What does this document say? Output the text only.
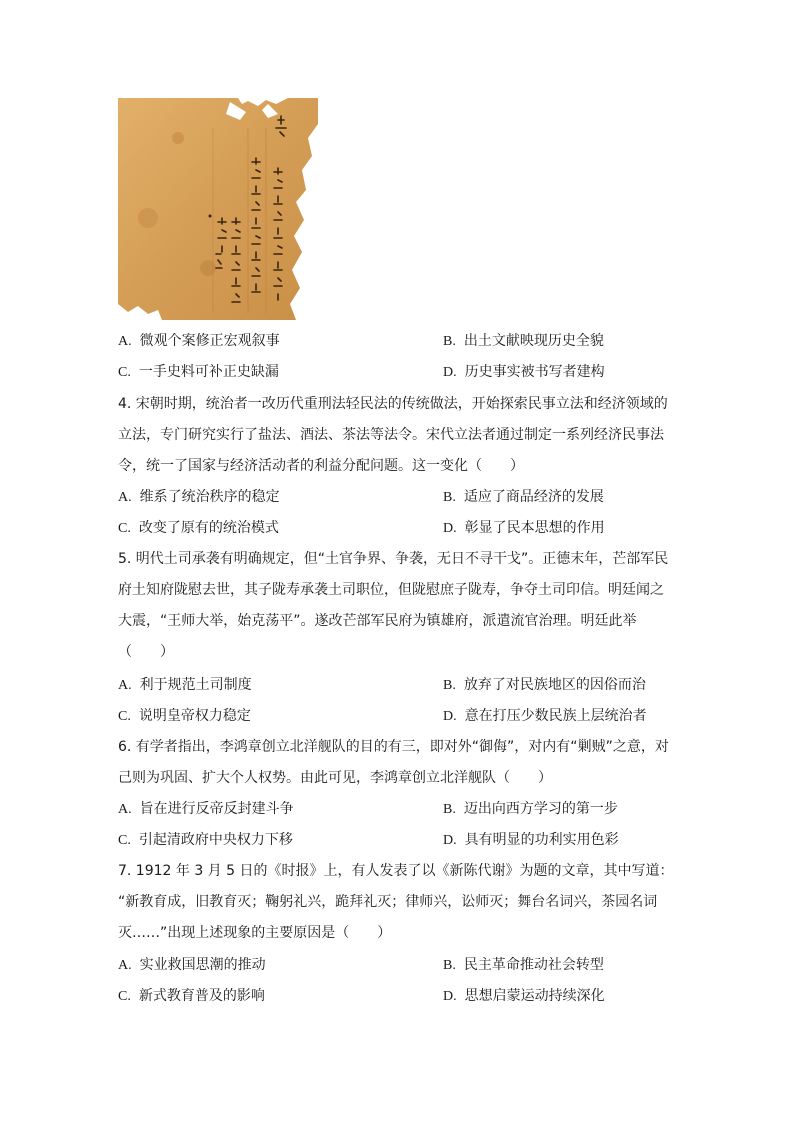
A. 微观个案修正宏观叙事	B. 出土文献映现历史全貌
C. 一手史料可补正史缺漏	D. 历史事实被书写者建构
4. 宋朝时期，统治者一改历代重刑法轻民法的传统做法，开始探索民事立法和经济领域的
立法，专门研究实行了盐法、酒法、茶法等法令。宋代立法者通过制定一系列经济民事法
令，统一了国家与经济活动者的利益分配问题。这一变化（　　）
A. 维系了统治秩序的稳定	B. 适应了商品经济的发展
C. 改变了原有的统治模式	D. 彰显了民本思想的作用
5. 明代土司承袭有明确规定，但“土官争界、争袭，无日不寻干戈”。正德末年，芒部军民
府土知府陇慰去世，其子陇寿承袭土司职位，但陇慰庶子陇寿，争夺土司印信。明廷闻之
大震，“王师大举，始克荡平”。遂改芒部军民府为镇雄府，派遣流官治理。明廷此举
（　　）
A. 利于规范土司制度	B. 放弃了对民族地区的因俗而治
C. 说明皇帝权力稳定	D. 意在打压少数民族上层统治者
6. 有学者指出，李鸿章创立北洋舰队的目的有三，即对外“御侮”，对内有“剿贼”之意，对
己则为巩固、扩大个人权势。由此可见，李鸿章创立北洋舰队（　　）
A. 旨在进行反帝反封建斗争	B. 迈出向西方学习的第一步
C. 引起清政府中央权力下移	D. 具有明显的功利实用色彩
7. 1912 年 3 月 5 日的《时报》上，有人发表了以《新陈代谢》为题的文章，其中写道：
“新教育成，旧教育灭；鞠躬礼兴，跪拜礼灭；律师兴，讼师灭；舞台名词兴，茶园名词
灭……”出现上述现象的主要原因是（　　）
A. 实业救国思潮的推动	B. 民主革命推动社会转型
C. 新式教育普及的影响	D. 思想启蒙运动持续深化
